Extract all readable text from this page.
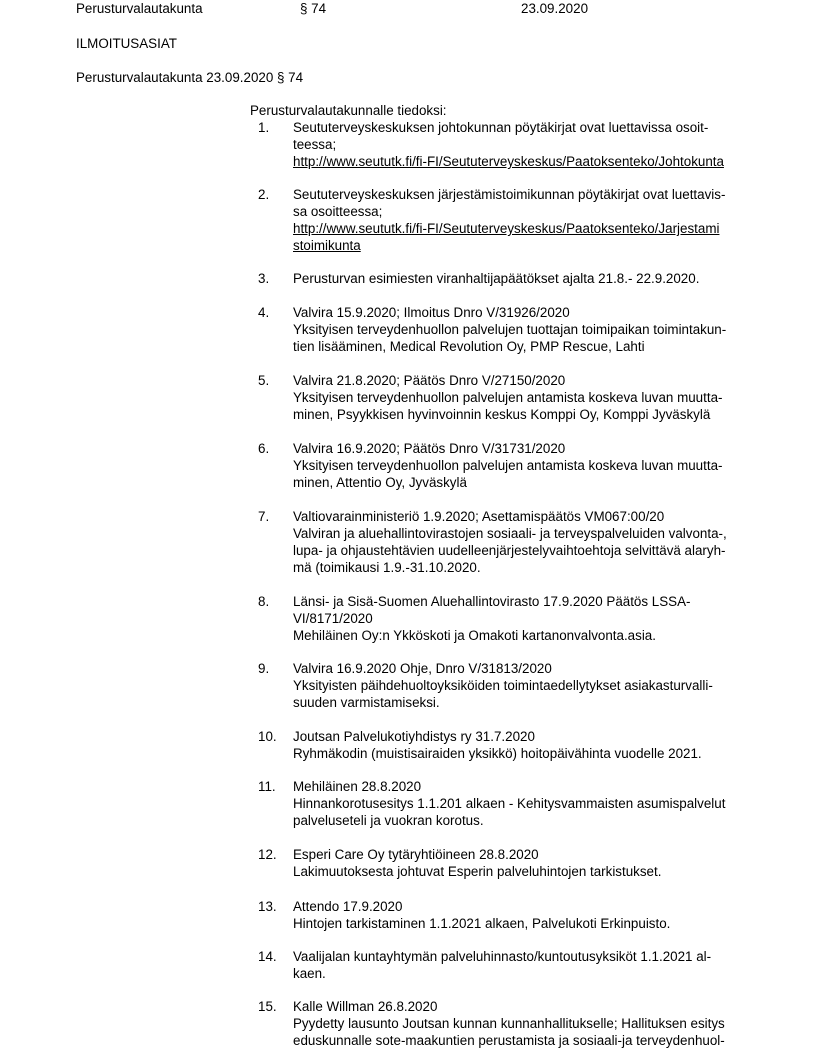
Perusturvalautakunta	§ 74	23.09.2020
ILMOITUSASIAT
Perusturvalautakunta 23.09.2020 § 74
Perusturvalautakunnalle tiedoksi:
1. Seututerveyskeskuksen johtokunnan pöytäkirjat ovat luettavissa osoit-
teessa;
http://www.seututk.fi/fi-FI/Seututerveyskeskus/Paatoksenteko/Johtokunta
2. Seututerveyskeskuksen järjestämistoimikunnan pöytäkirjat ovat luettavis-
sa osoitteessa;
http://www.seututk.fi/fi-FI/Seututerveyskeskus/Paatoksenteko/Jarjestami
stoimikunta
3. Perusturvan esimiesten viranhaltijapäätökset ajalta 21.8.- 22.9.2020.
4. Valvira 15.9.2020; Ilmoitus Dnro V/31926/2020
Yksityisen terveydenhuollon palvelujen tuottajan toimipaikan toimintakun-
tien lisääminen, Medical Revolution Oy, PMP Rescue, Lahti
5. Valvira 21.8.2020; Päätös Dnro V/27150/2020
Yksityisen terveydenhuollon palvelujen antamista koskeva luvan muutta-
minen, Psyykkisen hyvinvoinnin keskus Komppi Oy, Komppi Jyväskylä
6. Valvira 16.9.2020; Päätös Dnro V/31731/2020
Yksityisen terveydenhuollon palvelujen antamista koskeva luvan muutta-
minen, Attentio Oy, Jyväskylä
7. Valtiovarainministeriö 1.9.2020; Asettamispäätös VM067:00/20
Valviran ja aluehallintovirastojen sosiaali- ja terveyspalveluiden valvonta-,
lupa- ja ohjaustehtävien uudelleenjärjestelyvaihtoehtoja selvittävä alaryh-
mä (toimikausi 1.9.-31.10.2020.
8. Länsi- ja Sisä-Suomen Aluehallintovirasto 17.9.2020 Päätös LSSA-
VI/8171/2020
Mehiläinen Oy:n Ykköskoti ja Omakoti kartanonvalvonta.asia.
9. Valvira 16.9.2020 Ohje, Dnro V/31813/2020
Yksityisten päihdehuoltoyksiköiden toimintaedellytykset asiakasturvalli-
suuden varmistamiseksi.
10. Joutsan Palvelukotiyhdistys ry 31.7.2020
Ryhmäkodin (muistisairaiden yksikkö) hoitopäivähinta vuodelle 2021.
11. Mehiläinen 28.8.2020
Hinnankorotusesitys 1.1.201 alkaen - Kehitysvammaisten asumispalvelut
palveluseteli ja vuokran korotus.
12. Esperi Care Oy tytäryhtiöineen 28.8.2020
Lakimuutoksesta johtuvat Esperin palveluhintojen tarkistukset.
13. Attendo 17.9.2020
Hintojen tarkistaminen 1.1.2021 alkaen, Palvelukoti Erkinpuisto.
14. Vaalijalan kuntayhtymän palveluhinnasto/kuntoutusyksiköt 1.1.2021 al-
kaen.
15. Kalle Willman 26.8.2020
Pyydetty lausunto Joutsan kunnan kunnanhallitukselle; Hallituksen esitys
eduskunnalle sote-maakuntien perustamista ja sosiaali-ja terveydenhuol-
